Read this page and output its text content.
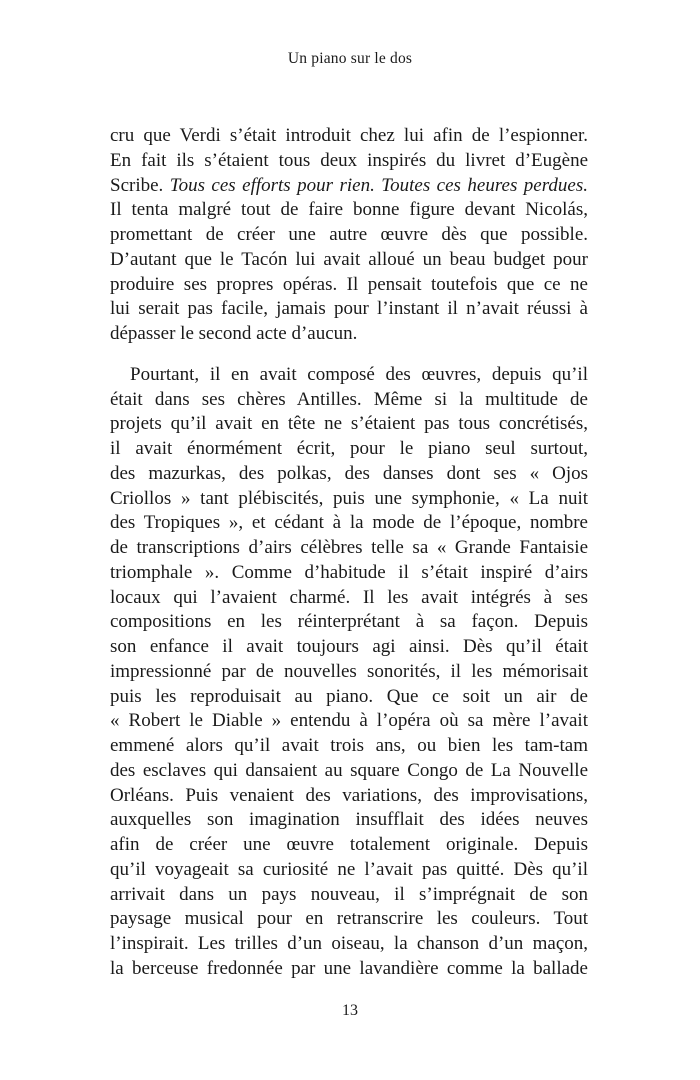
Un piano sur le dos
cru que Verdi s’était introduit chez lui afin de l’espionner.
En fait ils s’étaient tous deux inspirés du livret d’Eugène
Scribe. Tous ces efforts pour rien. Toutes ces heures perdues.
Il tenta malgré tout de faire bonne figure devant Nicolás,
promettant de créer une autre œuvre dès que possible.
D’autant que le Tacón lui avait alloué un beau budget pour
produire ses propres opéras. Il pensait toutefois que ce ne
lui serait pas facile, jamais pour l’instant il n’avait réussi à
dépasser le second acte d’aucun.
Pourtant, il en avait composé des œuvres, depuis qu’il
était dans ses chères Antilles. Même si la multitude de
projets qu’il avait en tête ne s’étaient pas tous concrétisés,
il avait énormément écrit, pour le piano seul surtout,
des mazurkas, des polkas, des danses dont ses « Ojos
Criollos » tant plébiscités, puis une symphonie, « La nuit
des Tropiques », et cédant à la mode de l’époque, nombre
de transcriptions d’airs célèbres telle sa « Grande Fantaisie
triomphale ». Comme d’habitude il s’était inspiré d’airs
locaux qui l’avaient charmé. Il les avait intégrés à ses
compositions en les réinterprétant à sa façon. Depuis
son enfance il avait toujours agi ainsi. Dès qu’il était
impressionné par de nouvelles sonorités, il les mémorisait
puis les reproduisait au piano. Que ce soit un air de
« Robert le Diable » entendu à l’opéra où sa mère l’avait
emmené alors qu’il avait trois ans, ou bien les tam-tam
des esclaves qui dansaient au square Congo de La Nouvelle
Orléans. Puis venaient des variations, des improvisations,
auxquelles son imagination insufflait des idées neuves
afin de créer une œuvre totalement originale. Depuis
qu’il voyageait sa curiosité ne l’avait pas quitté. Dès qu’il
arrivait dans un pays nouveau, il s’imprégnait de son
paysage musical pour en retranscrire les couleurs. Tout
l’inspirait. Les trilles d’un oiseau, la chanson d’un maçon,
la berceuse fredonnée par une lavandière comme la ballade
13
